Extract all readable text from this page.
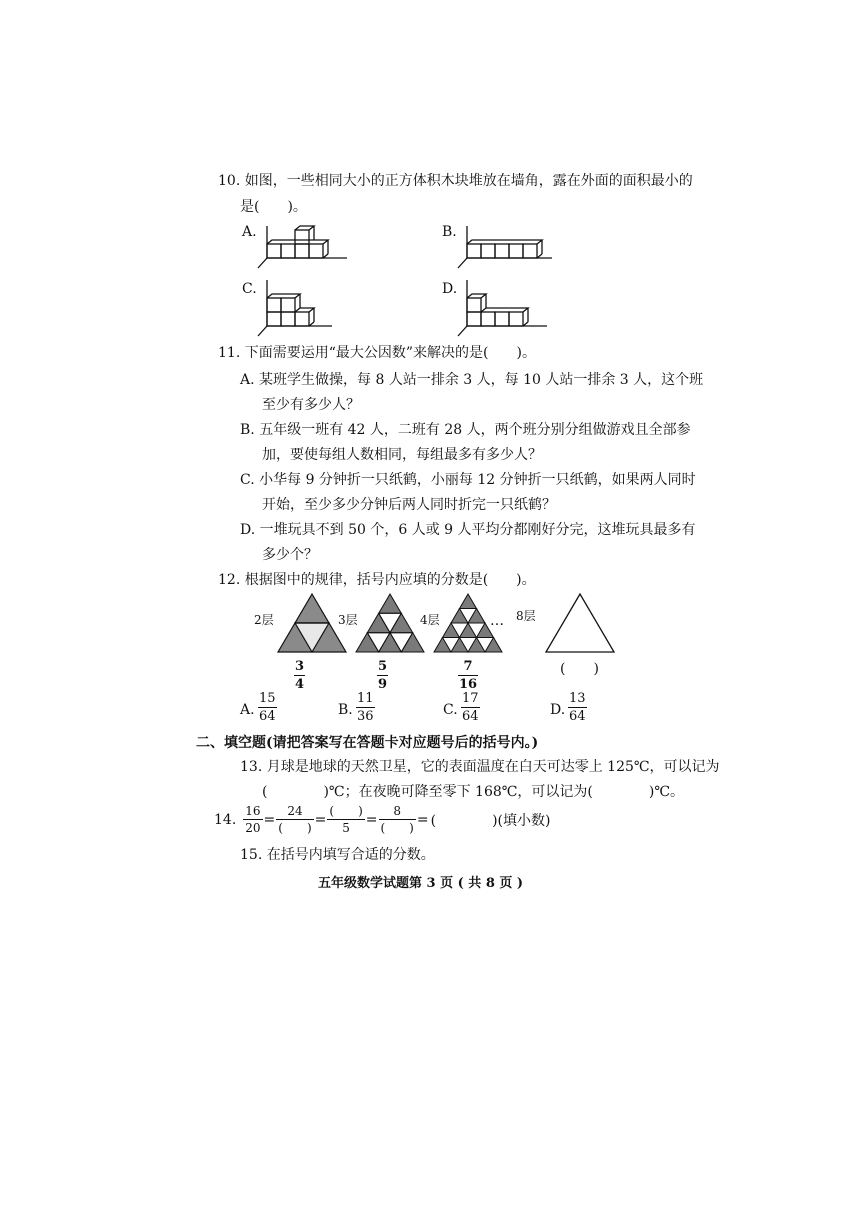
10. 如图，一些相同大小的正方体积木块堆放在墙角，露在外面的面积最小的
是(　　)。
A.	B.
C.	D.
11. 下面需要运用“最大公因数”来解决的是(　　)。
A. 某班学生做操，每 8 人站一排余 3 人，每 10 人站一排余 3 人，这个班
至少有多少人？
B. 五年级一班有 42 人，二班有 28 人，两个班分别分组做游戏且全部参
加，要使每组人数相同，每组最多有多少人？
C. 小华每 9 分钟折一只纸鹤，小丽每 12 分钟折一只纸鹤，如果两人同时
开始，至少多少分钟后两人同时折完一只纸鹤？
D. 一堆玩具不到 50 个，6 人或 9 人平均分都刚好分完，这堆玩具最多有
多少个？
12. 根据图中的规律，括号内应填的分数是(　　)。
2层	3层	4层	… 8层
3
4
5
9
7
16
(　　)
A.
15
64	B.
11
36	C.
17
64	D.
13
64
二、填空题(请把答案写在答题卡对应题号后的括号内。)
13. 月球是地球的天然卫星，它的表面温度在白天可达零上 125℃，可以记为
(　　　　)℃；在夜晚可降至零下 168℃，可以记为(　　　　)℃。
14. $\frac{16}{20} = \frac{24}{( )} = \frac{( )}{5} = \frac{8}{( )}$ = (　　　　)(填小数)
15. 在括号内填写合适的分数。
五年级数学试题第 3 页 ( 共 8 页 )
